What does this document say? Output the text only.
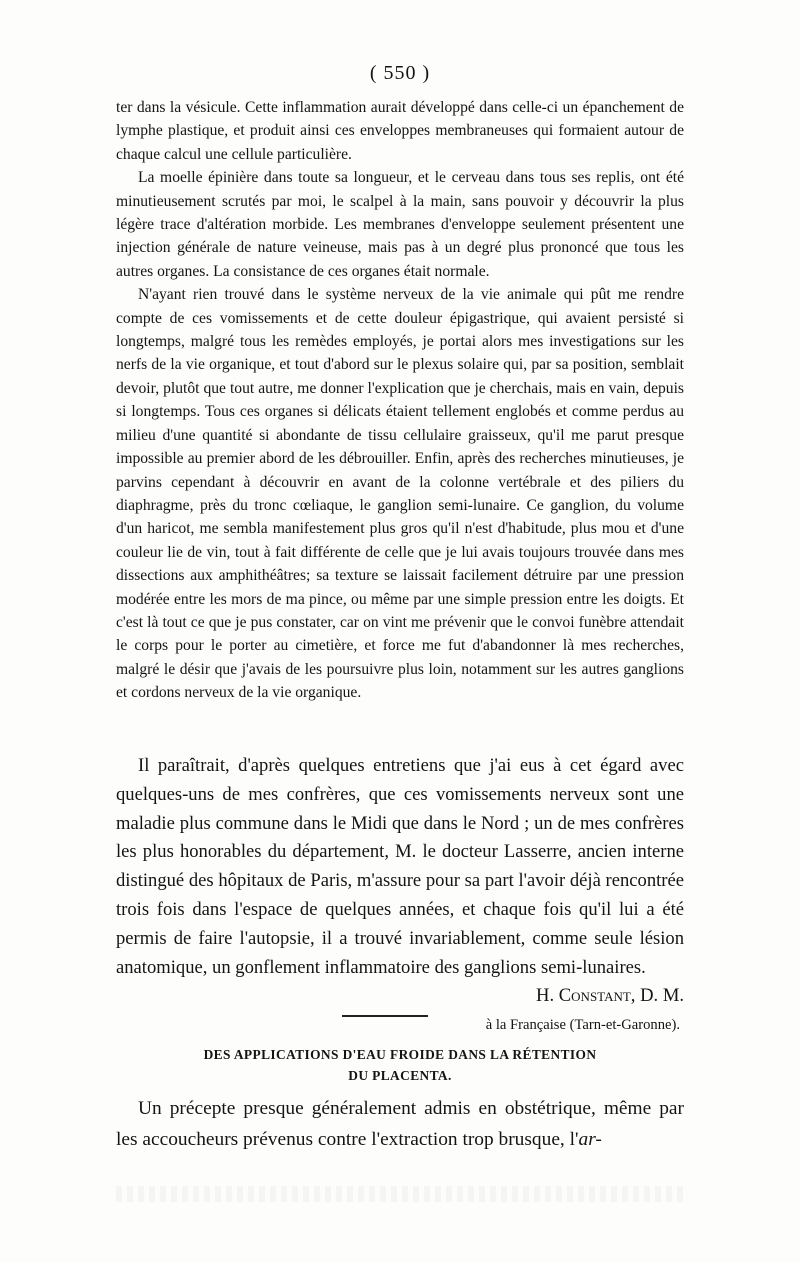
( 550 )

ter dans la vésicule. Cette inflammation aurait développé dans celle-ci un épanchement de lymphe plastique, et produit ainsi ces enveloppes membraneuses qui formaient autour de chaque calcul une cellule particulière.

La moelle épinière dans toute sa longueur, et le cerveau dans tous ses replis, ont été minutieusement scrutés par moi, le scalpel à la main, sans pouvoir y découvrir la plus légère trace d'altération morbide. Les membranes d'enveloppe seulement présentent une injection générale de nature veineuse, mais pas à un degré plus prononcé que tous les autres organes. La consistance de ces organes était normale.

N'ayant rien trouvé dans le système nerveux de la vie animale qui pût me rendre compte de ces vomissements et de cette douleur épigastrique, qui avaient persisté si longtemps, malgré tous les remèdes employés, je portai alors mes investigations sur les nerfs de la vie organique, et tout d'abord sur le plexus solaire qui, par sa position, semblait devoir, plutôt que tout autre, me donner l'explication que je cherchais, mais en vain, depuis si longtemps. Tous ces organes si délicats étaient tellement englobés et comme perdus au milieu d'une quantité si abondante de tissu cellulaire graisseux, qu'il me parut presque impossible au premier abord de les débrouiller. Enfin, après des recherches minutieuses, je parvins cependant à découvrir en avant de la colonne vertébrale et des piliers du diaphragme, près du tronc cœliaque, le ganglion semi-lunaire. Ce ganglion, du volume d'un haricot, me sembla manifestement plus gros qu'il n'est d'habitude, plus mou et d'une couleur lie de vin, tout à fait différente de celle que je lui avais toujours trouvée dans mes dissections aux amphithéâtres; sa texture se laissait facilement détruire par une pression modérée entre les mors de ma pince, ou même par une simple pression entre les doigts. Et c'est là tout ce que je pus constater, car on vint me prévenir que le convoi funèbre attendait le corps pour le porter au cimetière, et force me fut d'abandonner là mes recherches, malgré le désir que j'avais de les poursuivre plus loin, notamment sur les autres ganglions et cordons nerveux de la vie organique.

Il paraîtrait, d'après quelques entretiens que j'ai eus à cet égard avec quelques-uns de mes confrères, que ces vomissements nerveux sont une maladie plus commune dans le Midi que dans le Nord ; un de mes confrères les plus honorables du département, M. le docteur Lasserre, ancien interne distingué des hôpitaux de Paris, m'assure pour sa part l'avoir déjà rencontrée trois fois dans l'espace de quelques années, et chaque fois qu'il lui a été permis de faire l'autopsie, il a trouvé invariablement, comme seule lésion anatomique, un gonflement inflammatoire des ganglions semi-lunaires.

H. Constant, D. M.
à la Française (Tarn-et-Garonne).
DES APPLICATIONS D'EAU FROIDE DANS LA RÉTENTION
DU PLACENTA.

Un précepte presque généralement admis en obstétrique, même par les accoucheurs prévenus contre l'extraction trop brusque, l'ar-
